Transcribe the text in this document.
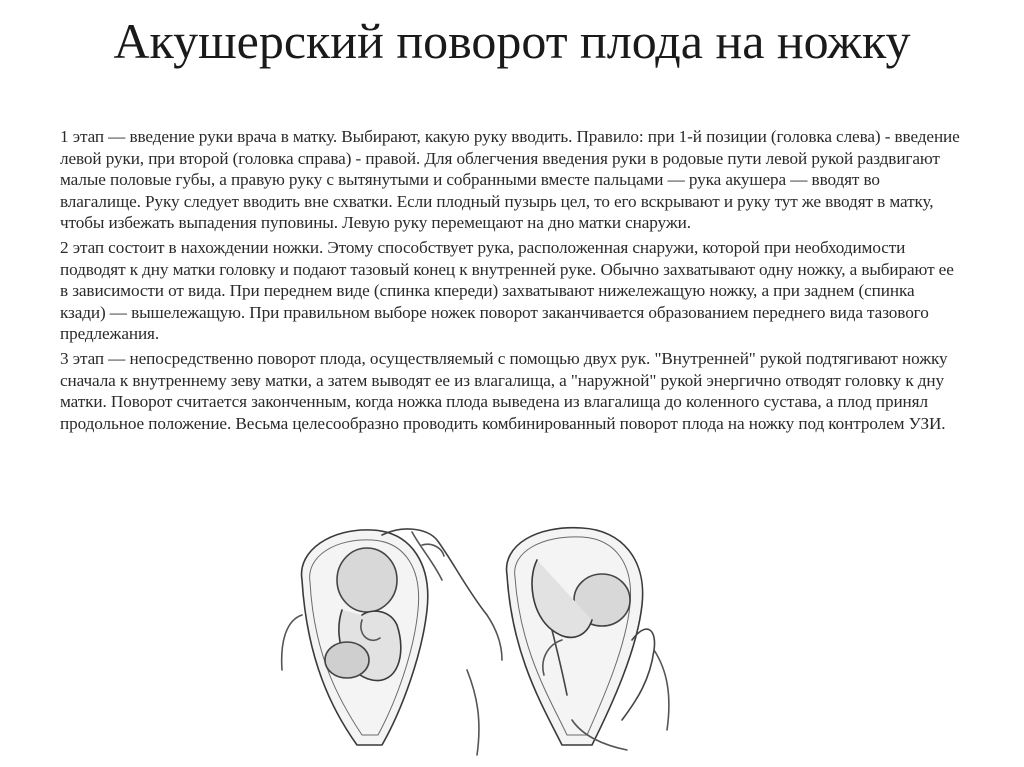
Акушерский поворот плода на ножку

1 этап — введение руки врача в матку. Выбирают, какую руку вводить. Правило: при 1-й позиции (головка слева) - введение левой руки, при второй (головка справа) - правой. Для облегчения введения руки в родовые пути левой рукой раздвигают малые половые губы, а правую руку с вытянутыми и собранными вместе пальцами — рука акушера — вводят во влагалище. Руку следует вводить вне схватки. Если плодный пузырь цел, то его вскрывают и руку тут же вводят в матку, чтобы избежать выпадения пуповины. Левую руку перемещают на дно матки снаружи.

2 этап состоит в нахождении ножки. Этому способствует рука, расположенная снаружи, которой при необходимости подводят к дну матки головку и подают тазовый конец к внутренней руке. Обычно захватывают одну ножку, а выбирают ее в зависимости от вида. При переднем виде (спинка кпереди) захватывают нижележащую ножку, а при заднем (спинка кзади) — вышележащую. При правильном выборе ножек поворот заканчивается образованием переднего вида тазового предлежания.

3 этап — непосредственно поворот плода, осуществляемый с помощью двух рук. "Внутренней" рукой подтягивают ножку сначала к внутреннему зеву матки, а затем выводят ее из влагалища, а "наружной" рукой энергично отводят головку к дну матки. Поворот считается законченным, когда ножка плода выведена из влагалища до коленного сустава, а плод принял продольное положение. Весьма целесообразно проводить комбинированный поворот плода на ножку под контролем УЗИ.
